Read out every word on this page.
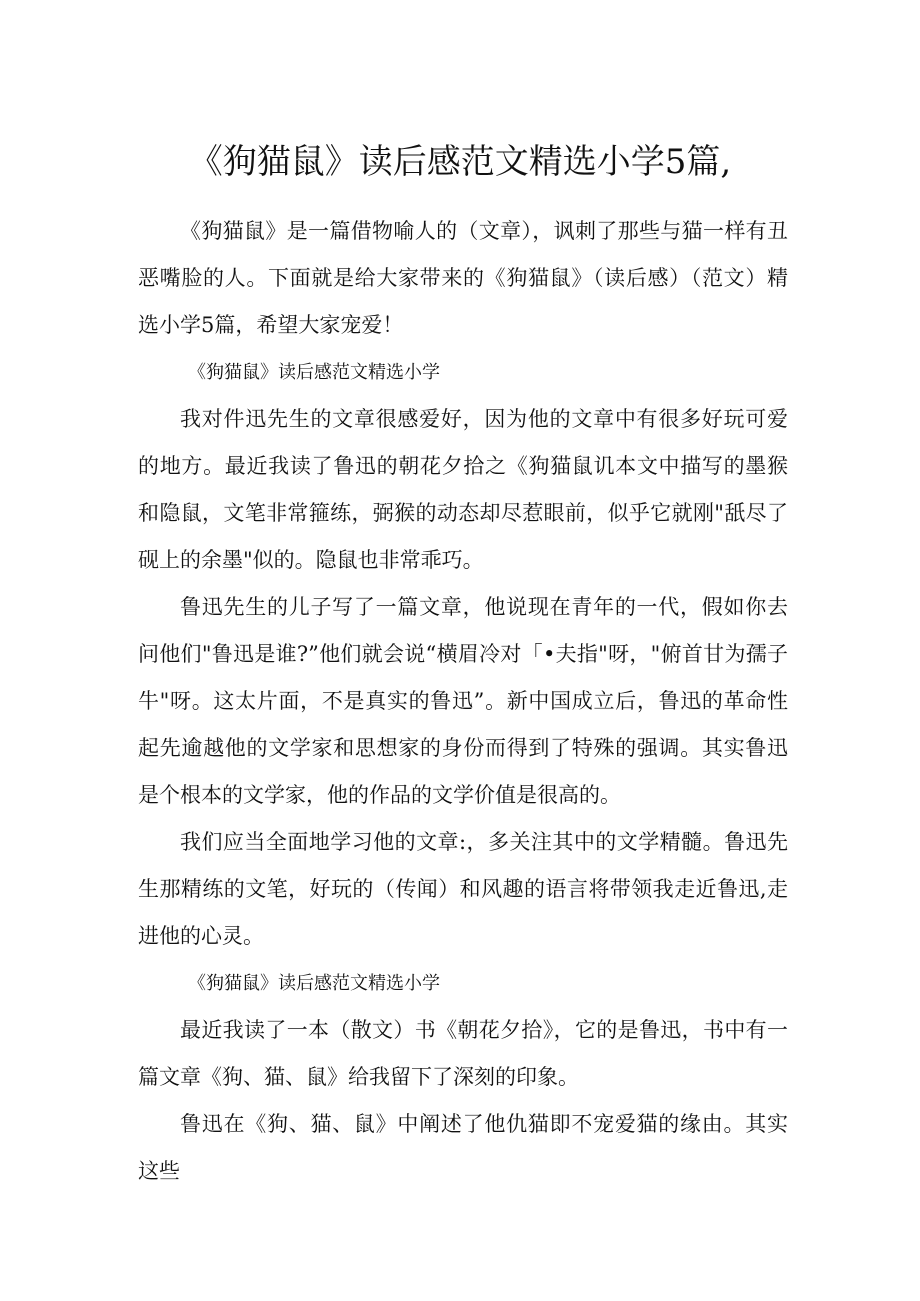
《狗猫鼠》读后感范文精选小学5篇,

《狗猫鼠》是一篇借物喻人的（文章），讽刺了那些与猫一样有丑恶嘴脸的人。下面就是给大家带来的《狗猫鼠》（读后感）（范文）精选小学5篇，希望大家宠爱！

《狗猫鼠》读后感范文精选小学

我对件迅先生的文章很感爱好，因为他的文章中有很多好玩可爱的地方。最近我读了鲁迅的朝花夕拾之《狗猫鼠讥本文中描写的墨猴和隐鼠，文笔非常箍练，弼猴的动态却尽惹眼前，似乎它就刚"舐尽了砚上的余墨"似的。隐鼠也非常乖巧。

鲁迅先生的儿子写了一篇文章，他说现在青年的一代，假如你去问他们"鲁迅是谁?”他们就会说“横眉冷对「•夫指"呀，"俯首甘为孺子牛"呀。这太片面，不是真实的鲁迅”。新中国成立后，鲁迅的革命性起先逾越他的文学家和思想家的身份而得到了特殊的强调。其实鲁迅是个根本的文学家，他的作品的文学价值是很高的。

我们应当全面地学习他的文章:，多关注其中的文学精髓。鲁迅先生那精练的文笔，好玩的（传闻）和风趣的语言将带领我走近鲁迅,走进他的心灵。

《狗猫鼠》读后感范文精选小学

最近我读了一本（散文）书《朝花夕拾》，它的是鲁迅，书中有一篇文章《狗、猫、鼠》给我留下了深刻的印象。

鲁迅在《狗、猫、鼠》中阐述了他仇猫即不宠爱猫的缘由。其实这些
